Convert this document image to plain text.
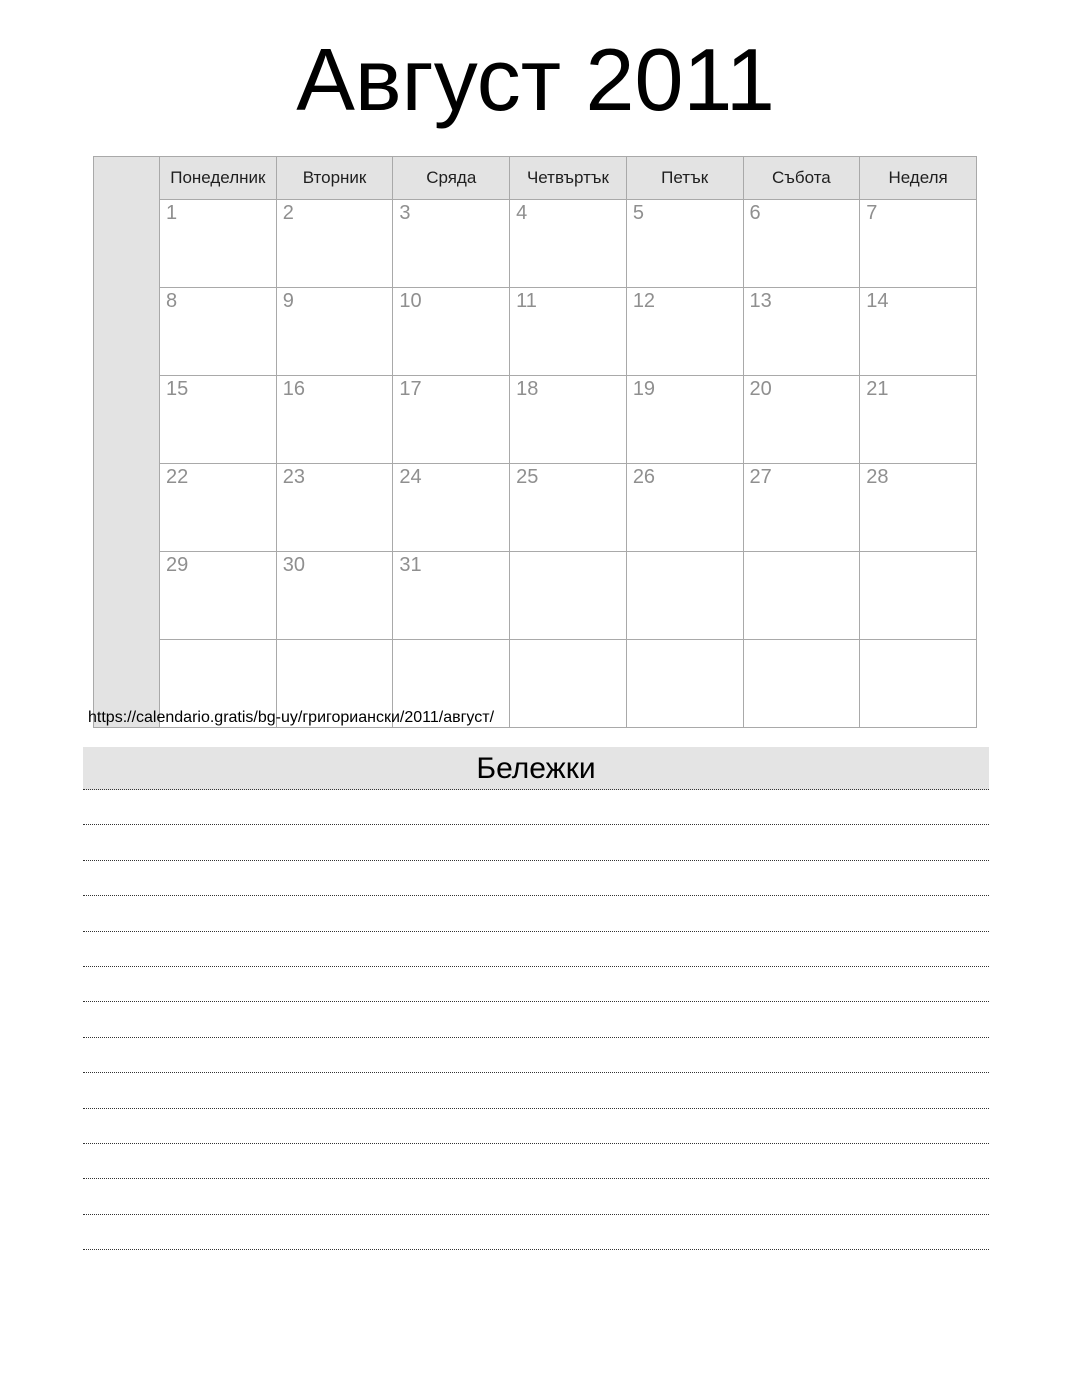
Август 2011
	Понеделник	Вторник	Сряда	Четвъртък	Петък	Събота	Неделя
	1	2	3	4	5	6	7
	8	9	10	11	12	13	14
	15	16	17	18	19	20	21
	22	23	24	25	26	27	28
	29	30	31				

https://calendario.gratis/bg-uy/григориански/2011/август/
Бележки
